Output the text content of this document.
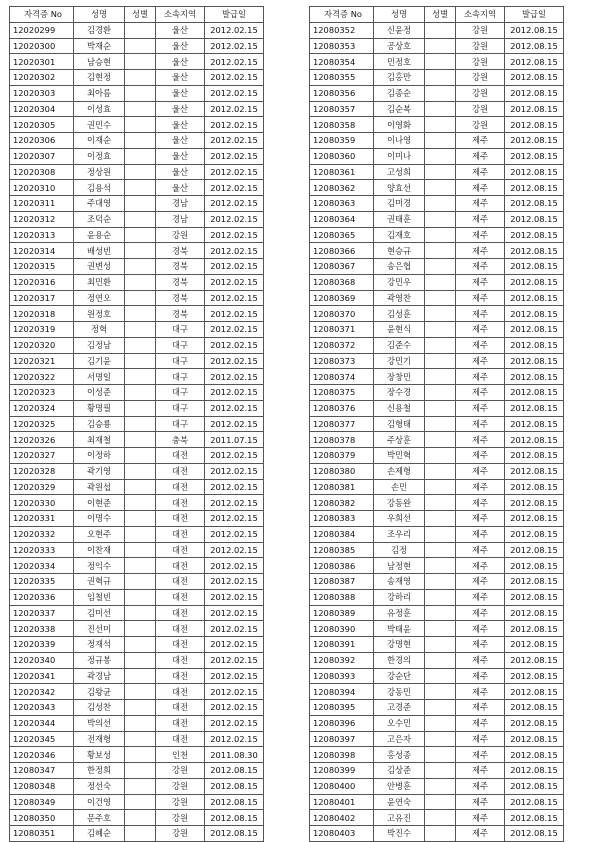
자격증 No	성명	성별	소속지역	발급일
12020299	김경환		울산	2012.02.15
12020300	박재순		울산	2012.02.15
12020301	남승현		울산	2012.02.15
12020302	김현정		울산	2012.02.15
12020303	최아름		울산	2012.02.15
12020304	이성효		울산	2012.02.15
12020305	권민수		울산	2012.02.15
12020306	이재순		울산	2012.02.15
12020307	이정효		울산	2012.02.15
12020308	정상원		울산	2012.02.15
12020310	김용석		울산	2012.02.15
12020311	주대영		경남	2012.02.15
12020312	조덕순		경남	2012.02.15
12020313	윤용순		강원	2012.02.15
12020314	배성빈		경북	2012.02.15
12020315	권변성		경북	2012.02.15
12020316	최민환		경북	2012.02.15
12020317	정연오		경북	2012.02.15
12020318	원정호		경북	2012.02.15
12020319	정혁		대구	2012.02.15
12020320	김정남		대구	2012.02.15
12020321	김기윤		대구	2012.02.15
12020322	서명일		대구	2012.02.15
12020323	이성준		대구	2012.02.15
12020324	황명필		대구	2012.02.15
12020325	김승룡		대구	2012.02.15
12020326	최재철		충북	2011.07.15
12020327	이정하		대전	2012.02.15
12020328	곽기영		대전	2012.02.15
12020329	곽원섭		대전	2012.02.15
12020330	이현준		대전	2012.02.15
12020331	이명수		대전	2012.02.15
12020332	오현주		대전	2012.02.15
12020333	이찬재		대전	2012.02.15
12020334	정익수		대전	2012.02.15
12020335	권혁규		대전	2012.02.15
12020336	임철빈		대전	2012.02.15
12020337	김미선		대전	2012.02.15
12020338	진선미		대전	2012.02.15
12020339	정재석		대전	2012.02.15
12020340	정규봉		대전	2012.02.15
12020341	곽경남		대전	2012.02.15
12020342	김왕균		대전	2012.02.15
12020343	김성찬		대전	2012.02.15
12020344	박의선		대전	2012.02.15
12020345	전재형		대전	2012.02.15
12020346	황보성		인천	2011.08.30
12080347	한정희		강원	2012.08.15
12080348	정선숙		강원	2012.08.15
12080349	이건영		강원	2012.08.15
12080350	문주호		강원	2012.08.15
12080351	김혜순		강원	2012.08.15
자격증 No	성명	성별	소속지역	발급일
12080352	신윤정		강원	2012.08.15
12080353	공상호		강원	2012.08.15
12080354	민정호		강원	2012.08.15
12080355	김홍만		강원	2012.08.15
12080356	김종순		강원	2012.08.15
12080357	김순복		강원	2012.08.15
12080358	이영화		강원	2012.08.15
12080359	이나영		제주	2012.08.15
12080360	이미나		제주	2012.08.15
12080361	고성희		제주	2012.08.15
12080362	양효선		제주	2012.08.15
12080363	김미경		제주	2012.08.15
12080364	권태훈		제주	2012.08.15
12080365	김재호		제주	2012.08.15
12080366	현승규		제주	2012.08.15
12080367	송은협		제주	2012.08.15
12080368	강민우		제주	2012.08.15
12080369	곽영찬		제주	2012.08.15
12080370	김성훈		제주	2012.08.15
12080371	윤현식		제주	2012.08.15
12080372	김준수		제주	2012.08.15
12080373	강민기		제주	2012.08.15
12080374	장창민		제주	2012.08.15
12080375	장수경		제주	2012.08.15
12080376	신용철		제주	2012.08.15
12080377	김형태		제주	2012.08.15
12080378	주상훈		제주	2012.08.15
12080379	박민혁		제주	2012.08.15
12080380	손제형		제주	2012.08.15
12080381	손민		제주	2012.08.15
12080382	강동완		제주	2012.08.15
12080383	우희선		제주	2012.08.15
12080384	조우리		제주	2012.08.15
12080385	김정		제주	2012.08.15
12080386	남정현		제주	2012.08.15
12080387	송재영		제주	2012.08.15
12080388	강하리		제주	2012.08.15
12080389	유정훈		제주	2012.08.15
12080390	박태윤		제주	2012.08.15
12080391	강명현		제주	2012.08.15
12080392	한경의		제주	2012.08.15
12080393	강순단		제주	2012.08.15
12080394	강동민		제주	2012.08.15
12080395	고경준		제주	2012.08.15
12080396	오수민		제주	2012.08.15
12080397	고은자		제주	2012.08.15
12080398	홍성종		제주	2012.08.15
12080399	김상준		제주	2012.08.15
12080400	안병훈		제주	2012.08.15
12080401	윤연숙		제주	2012.08.15
12080402	고유진		제주	2012.08.15
12080403	박진수		제주	2012.08.15
